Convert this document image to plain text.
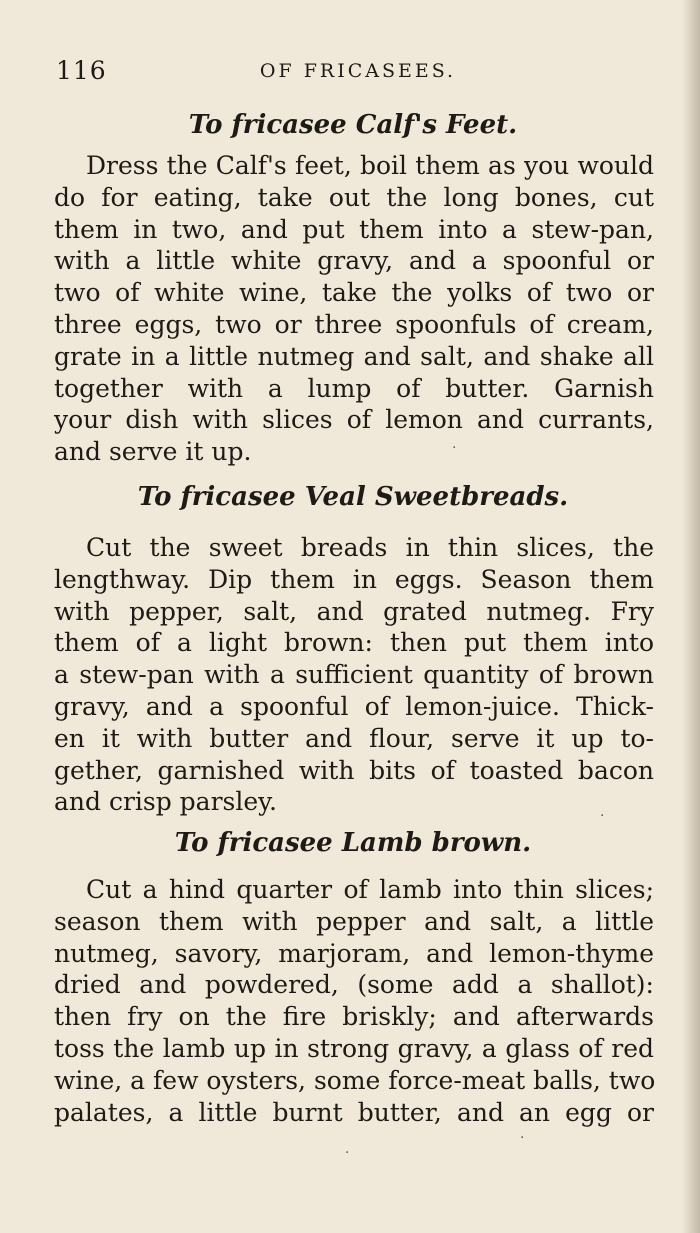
116	OF FRICASEES.
To fricasee Calf's Feet.
Dress the Calf's feet, boil them as you would
do for eating, take out the long bones, cut
them in two, and put them into a stew-pan,
with a little white gravy, and a spoonful or
two of white wine, take the yolks of two or
three eggs, two or three spoonfuls of cream,
grate in a little nutmeg and salt, and shake all
together with a lump of butter. Garnish
your dish with slices of lemon and currants,
and serve it up.
To fricasee Veal Sweetbreads.
Cut the sweet breads in thin slices, the
lengthway. Dip them in eggs. Season them
with pepper, salt, and grated nutmeg. Fry
them of a light brown: then put them into
a stew-pan with a sufficient quantity of brown
gravy, and a spoonful of lemon-juice. Thick-
en it with butter and flour, serve it up to-
gether, garnished with bits of toasted bacon
and crisp parsley.
To fricasee Lamb brown.
Cut a hind quarter of lamb into thin slices;
season them with pepper and salt, a little
nutmeg, savory, marjoram, and lemon-thyme
dried and powdered, (some add a shallot):
then fry on the fire briskly; and afterwards
toss the lamb up in strong gravy, a glass of red
wine, a few oysters, some force-meat balls, two
palates, a little burnt butter, and an egg or
·
·
·
·
